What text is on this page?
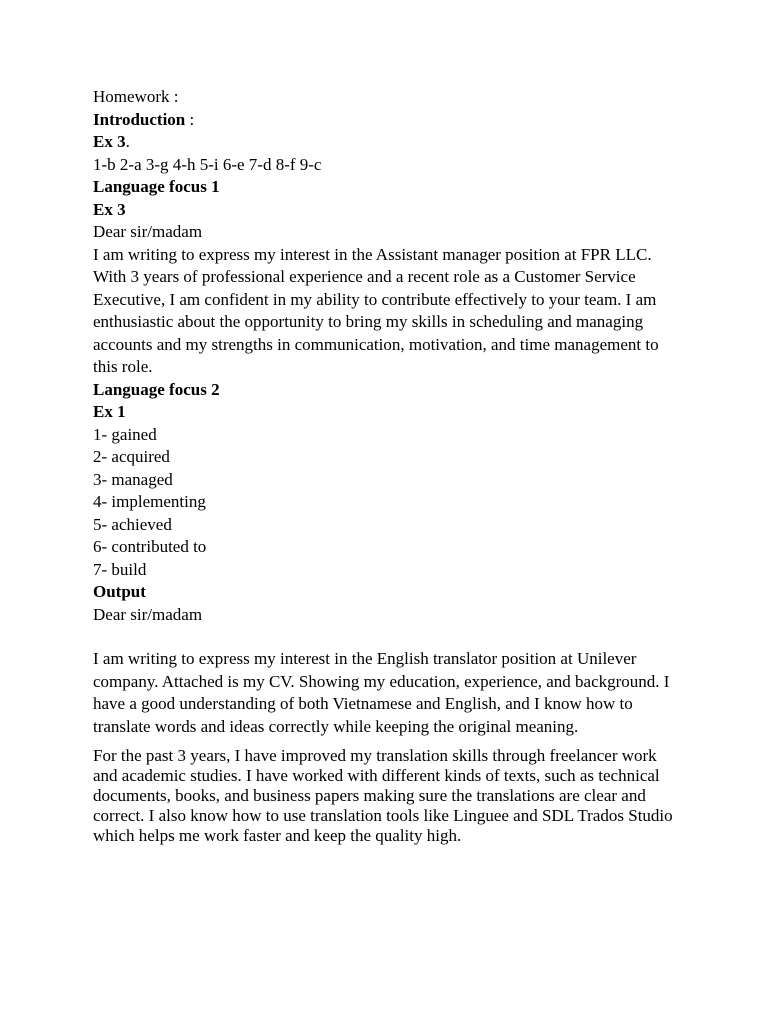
Homework :

Introduction :

Ex 3.

1-b 2-a 3-g 4-h 5-i 6-e 7-d 8-f 9-c

Language focus 1

Ex 3

Dear sir/madam

I am writing to express my interest in the Assistant manager position at FPR LLC. With 3 years of professional experience and a recent role as a Customer Service Executive, I am confident in my ability to contribute effectively to your team. I am enthusiastic about the opportunity to bring my skills in scheduling and managing accounts and my strengths in communication, motivation, and time management to this role.

Language focus 2

Ex 1

1- gained

2- acquired

3- managed

4- implementing

5- achieved

6- contributed to

7- build

Output

Dear sir/madam

I am writing to express my interest in the English translator position at Unilever company. Attached is my CV. Showing my education, experience, and background. I have a good understanding of both Vietnamese and English, and I know how to translate words and ideas correctly while keeping the original meaning.

For the past 3 years, I have improved my translation skills through freelancer work and academic studies. I have worked with different kinds of texts, such as technical documents, books, and business papers making sure the translations are clear and correct. I also know how to use translation tools like Linguee and SDL Trados Studio which helps me work faster and keep the quality high.
